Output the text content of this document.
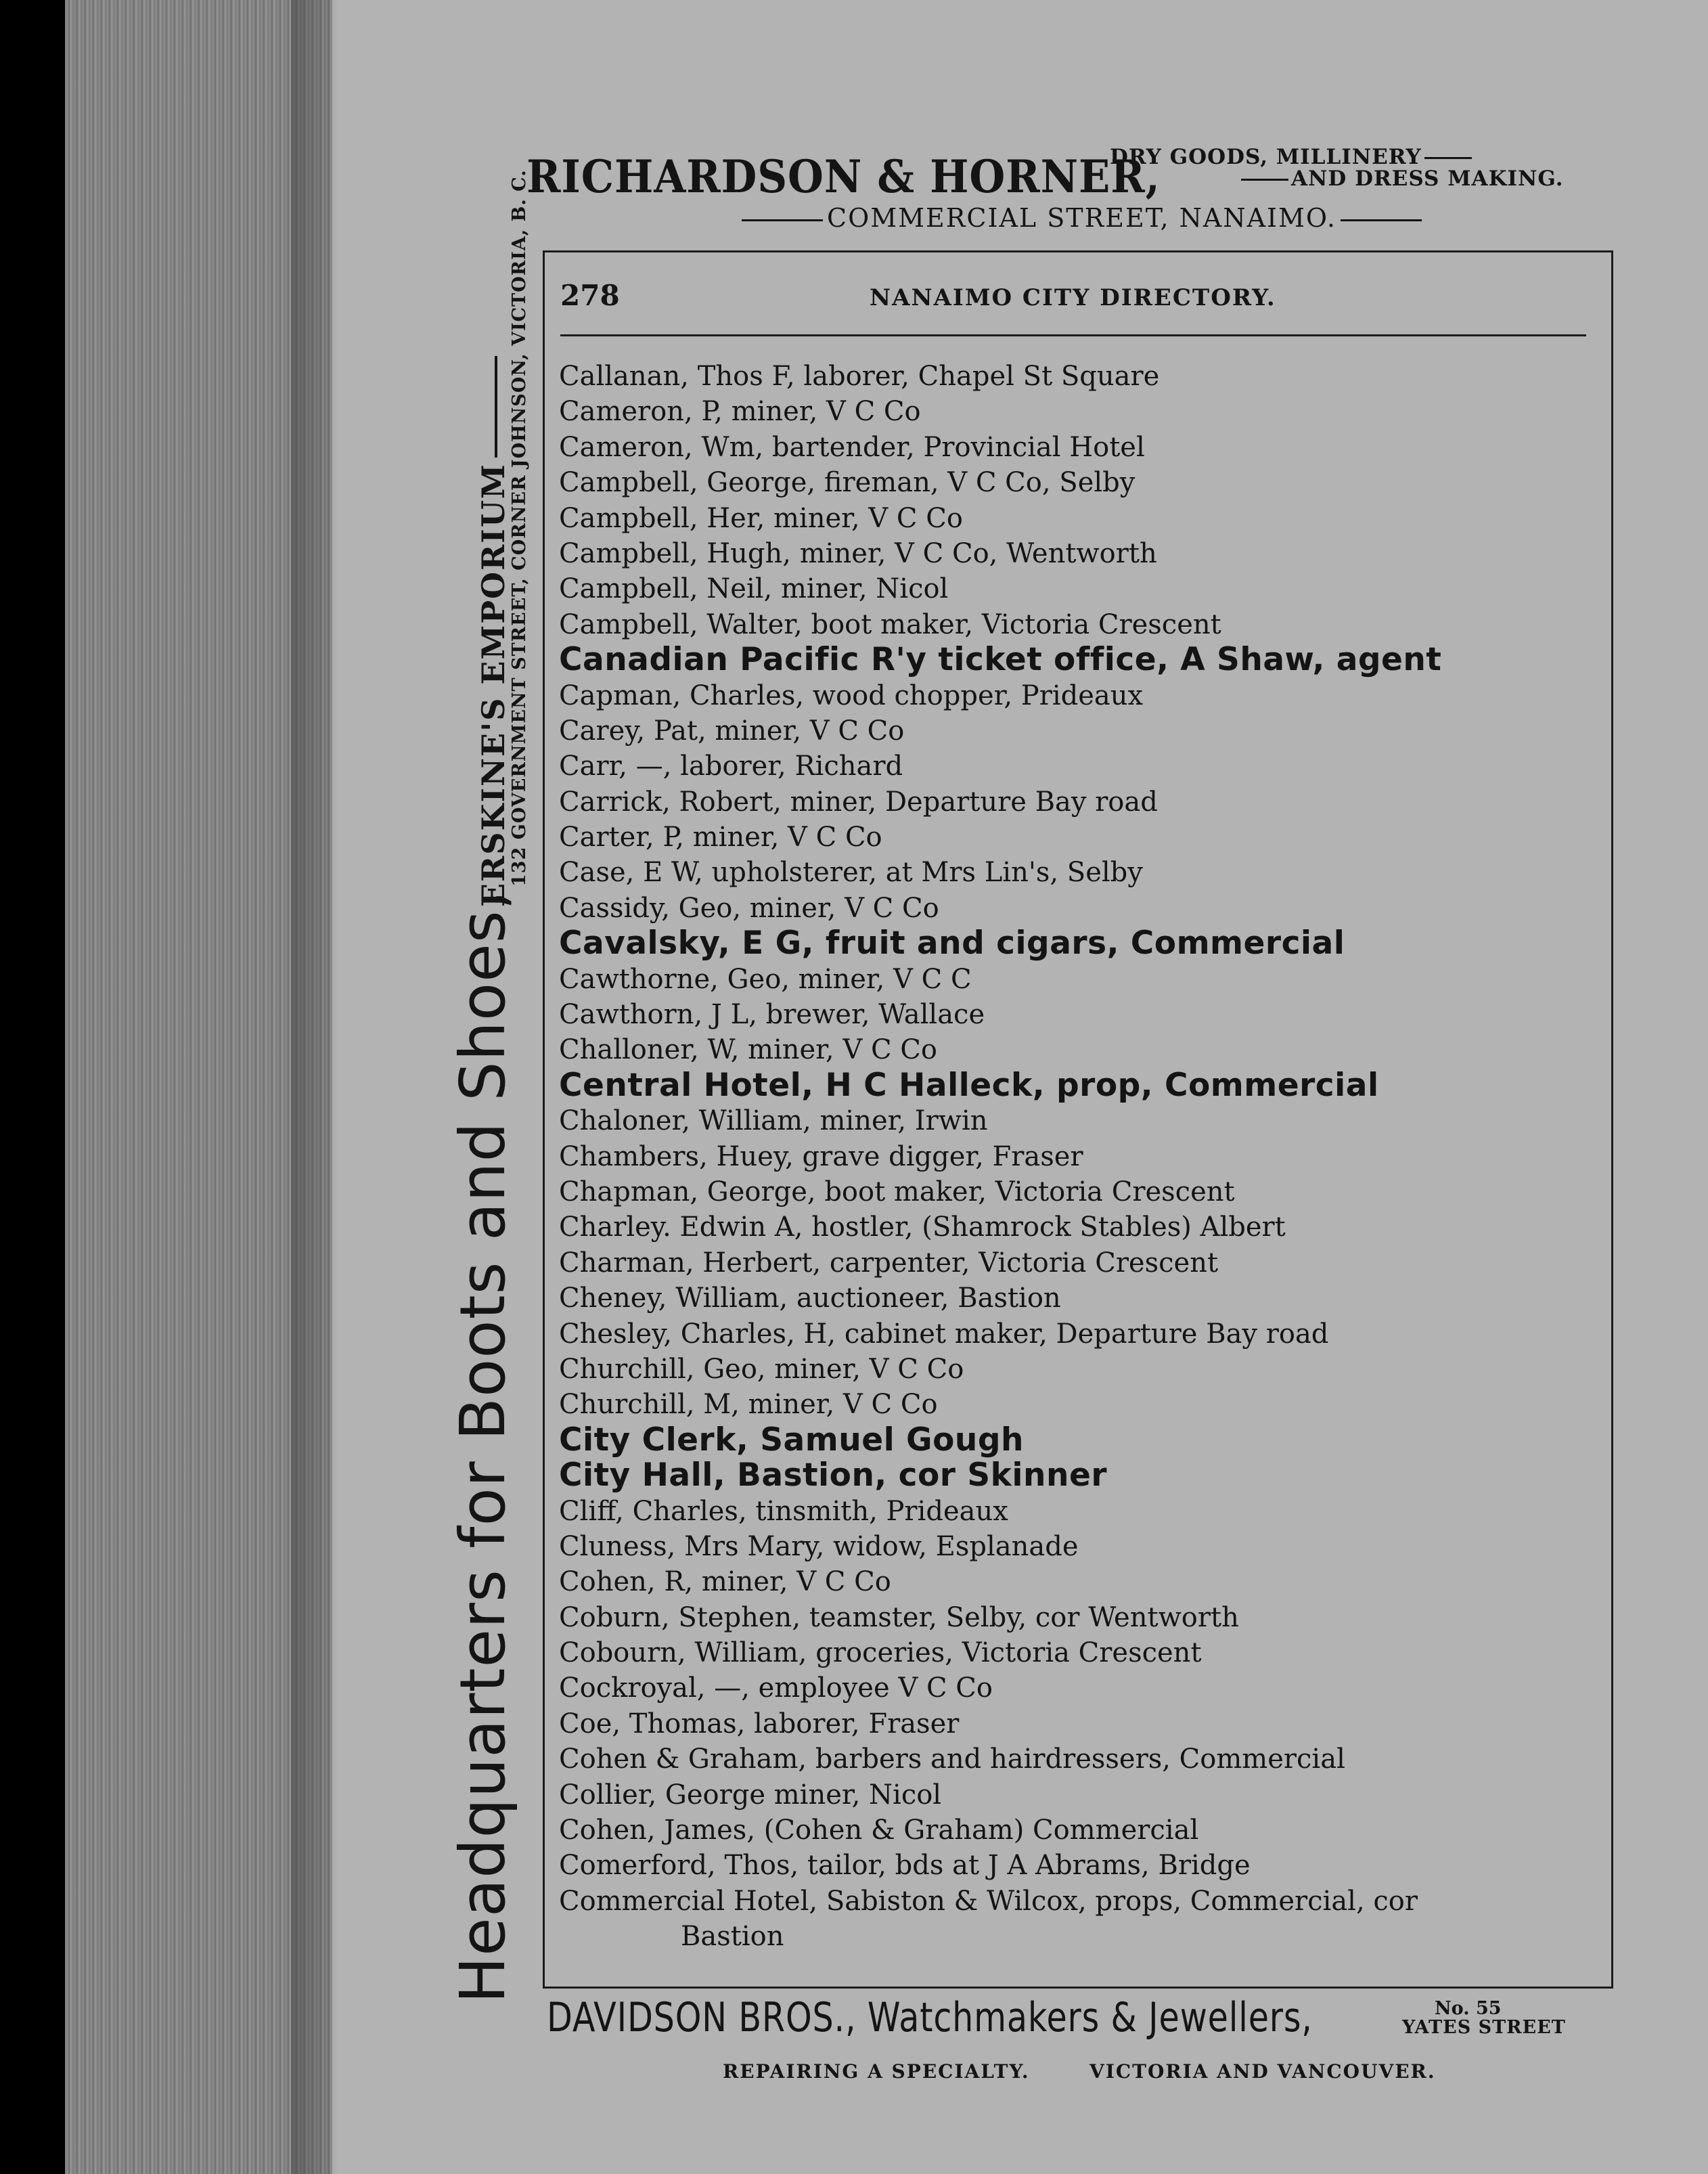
RICHARDSON & HORNER,
DRY GOODS, MILLINERY
AND DRESS MAKING.
COMMERCIAL STREET, NANAIMO.
Headquarters for Boots and Shoes,
ERSKINE'S EMPORIUM
132 GOVERNMENT STREET, CORNER JOHNSON, VICTORIA, B. C. 278	NANAIMO CITY DIRECTORY.
Callanan, Thos F, laborer, Chapel St Square
Cameron, P, miner, V C Co
Cameron, Wm, bartender, Provincial Hotel
Campbell, George, fireman, V C Co, Selby
Campbell, Her, miner, V C Co
Campbell, Hugh, miner, V C Co, Wentworth
Campbell, Neil, miner, Nicol
Campbell, Walter, boot maker, Victoria Crescent
Canadian Pacific R'y ticket office, A Shaw, agent
Capman, Charles, wood chopper, Prideaux
Carey, Pat, miner, V C Co
Carr, —, laborer, Richard
Carrick, Robert, miner, Departure Bay road
Carter, P, miner, V C Co
Case, E W, upholsterer, at Mrs Lin's, Selby
Cassidy, Geo, miner, V C Co
Cavalsky, E G, fruit and cigars, Commercial
Cawthorne, Geo, miner, V C C
Cawthorn, J L, brewer, Wallace
Challoner, W, miner, V C Co
Central Hotel, H C Halleck, prop, Commercial
Chaloner, William, miner, Irwin
Chambers, Huey, grave digger, Fraser
Chapman, George, boot maker, Victoria Crescent
Charley. Edwin A, hostler, (Shamrock Stables) Albert
Charman, Herbert, carpenter, Victoria Crescent
Cheney, William, auctioneer, Bastion
Chesley, Charles, H, cabinet maker, Departure Bay road
Churchill, Geo, miner, V C Co
Churchill, M, miner, V C Co
City Clerk, Samuel Gough
City Hall, Bastion, cor Skinner
Cliff, Charles, tinsmith, Prideaux
Cluness, Mrs Mary, widow, Esplanade
Cohen, R, miner, V C Co
Coburn, Stephen, teamster, Selby, cor Wentworth
Cobourn, William, groceries, Victoria Crescent
Cockroyal, —, employee V C Co
Coe, Thomas, laborer, Fraser
Cohen & Graham, barbers and hairdressers, Commercial
Collier, George miner, Nicol
Cohen, James, (Cohen & Graham) Commercial
Comerford, Thos, tailor, bds at J A Abrams, Bridge
Commercial Hotel, Sabiston & Wilcox, props, Commercial, cor
Bastion
DAVIDSON BROS., Watchmakers & Jewellers,	No. 55
YATES STREET
REPAIRING A SPECIALTY.	VICTORIA AND VANCOUVER.
